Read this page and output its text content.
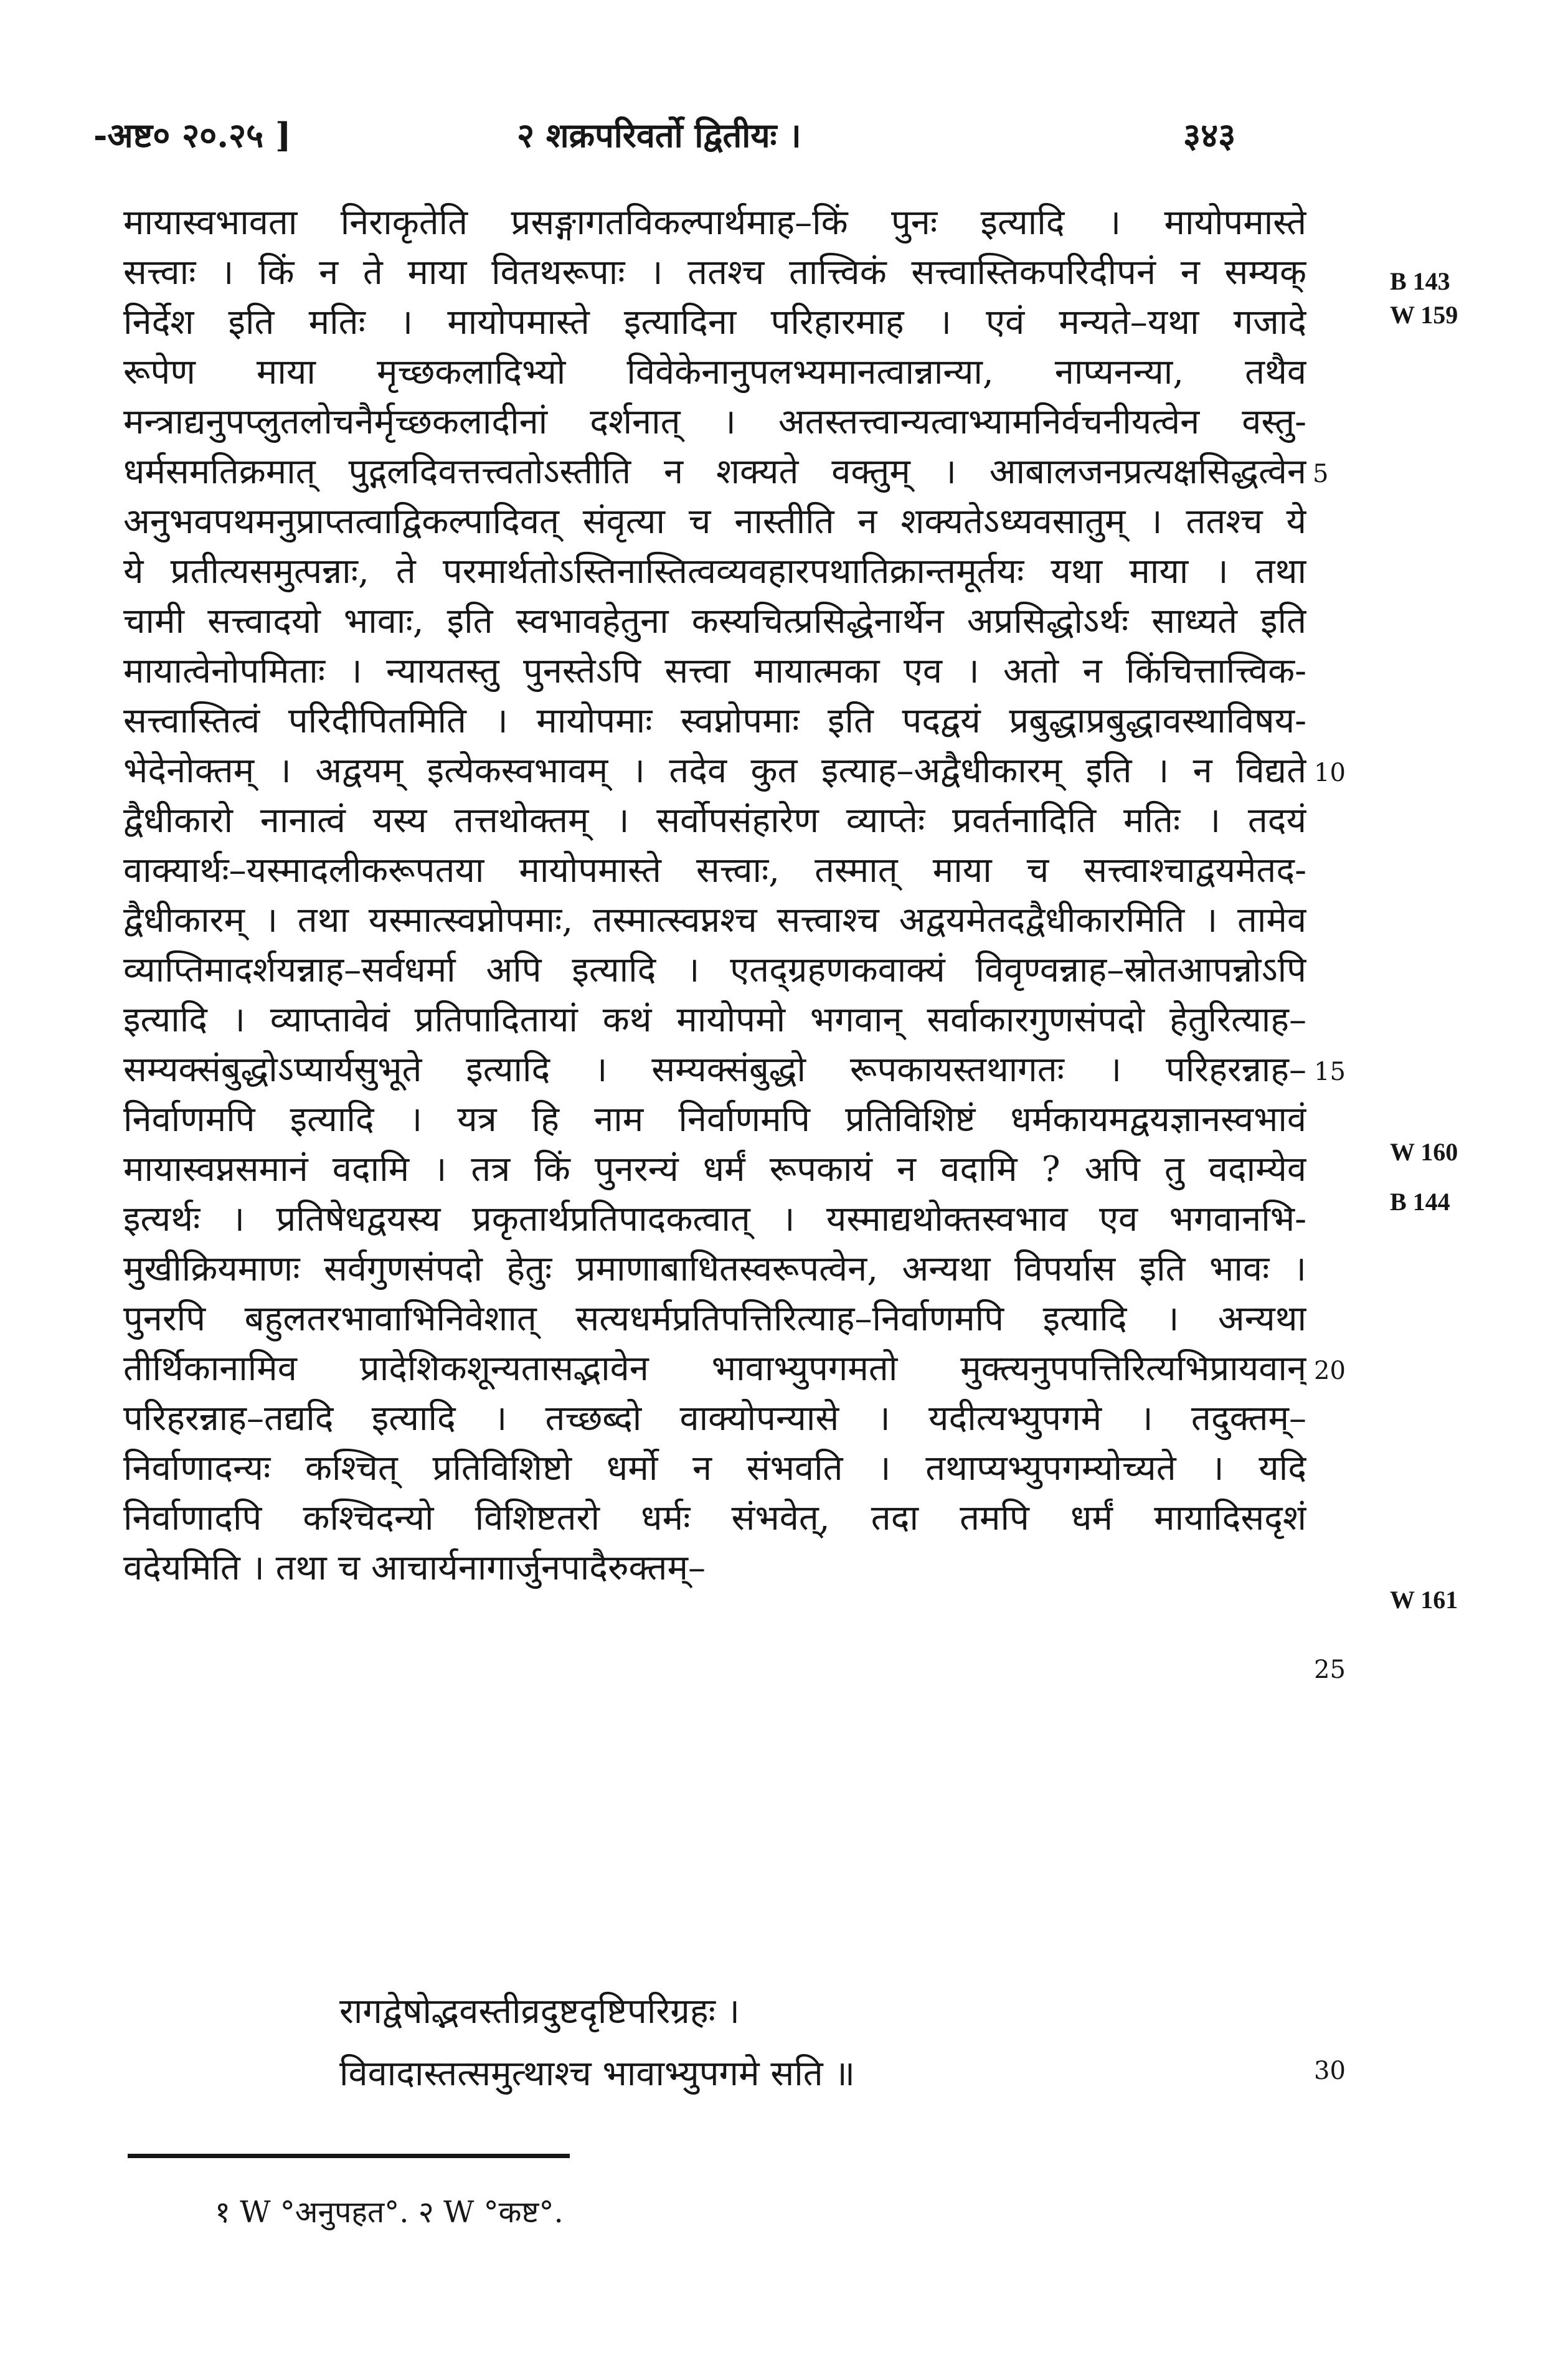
-अष्ट० २०.२५ ]	२ शक्रपरिवर्तो द्वितीयः ।	३४३
मायास्वभावता निराकृतेति प्रसङ्गागतविकल्पार्थमाह–किं पुनः इत्यादि । मायोपमास्ते
सत्त्वाः । किं न ते माया वितथरूपाः । ततश्च तात्त्विकं सत्त्वास्तिकपरिदीपनं न सम्यक्
निर्देश इति मतिः । मायोपमास्ते इत्यादिना परिहारमाह । एवं मन्यते–यथा गजादे
रूपेण माया मृच्छकलादिभ्यो विवेकेनानुपलभ्यमानत्वान्नान्या, नाप्यनन्या, तथैव
मन्त्राद्यनुपप्लुतलोचनैर्मृच्छकलादीनां दर्शनात् । अतस्तत्त्वान्यत्वाभ्यामनिर्वचनीयत्वेन वस्तु-
धर्मसमतिक्रमात् पुद्गलदिवत्तत्त्वतोऽस्तीति न शक्यते वक्तुम् । आबालजनप्रत्यक्षसिद्धत्वेन
अनुभवपथमनुप्राप्तत्वाद्विकल्पादिवत् संवृत्या च नास्तीति न शक्यतेऽध्यवसातुम् । ततश्च ये
ये प्रतीत्यसमुत्पन्नाः, ते परमार्थतोऽस्तिनास्तित्वव्यवहारपथातिक्रान्तमूर्तयः यथा माया । तथा
चामी सत्त्वादयो भावाः, इति स्वभावहेतुना कस्यचित्प्रसिद्धेनार्थेन अप्रसिद्धोऽर्थः साध्यते इति
मायात्वेनोपमिताः । न्यायतस्तु पुनस्तेऽपि सत्त्वा मायात्मका एव । अतो न किंचित्तात्त्विक-
सत्त्वास्तित्वं परिदीपितमिति । मायोपमाः स्वप्नोपमाः इति पदद्वयं प्रबुद्धाप्रबुद्धावस्थाविषय-
भेदेनोक्तम् । अद्वयम् इत्येकस्वभावम् । तदेव कुत इत्याह–अद्वैधीकारम् इति । न विद्यते
द्वैधीकारो नानात्वं यस्य तत्तथोक्तम् । सर्वोपसंहारेण व्याप्तेः प्रवर्तनादिति मतिः । तदयं
वाक्यार्थः–यस्मादलीकरूपतया मायोपमास्ते सत्त्वाः, तस्मात् माया च सत्त्वाश्चाद्वयमेतद-
द्वैधीकारम् । तथा यस्मात्स्वप्नोपमाः, तस्मात्स्वप्नश्च सत्त्वाश्च अद्वयमेतदद्वैधीकारमिति । तामेव
व्याप्तिमादर्शयन्नाह–सर्वधर्मा अपि इत्यादि । एतद्ग्रहणकवाक्यं विवृण्वन्नाह–स्रोतआपन्नोऽपि
इत्यादि । व्याप्तावेवं प्रतिपादितायां कथं मायोपमो भगवान् सर्वाकारगुणसंपदो हेतुरित्याह–
सम्यक्संबुद्धोऽप्यार्यसुभूते इत्यादि । सम्यक्संबुद्धो रूपकायस्तथागतः । परिहरन्नाह–
निर्वाणमपि इत्यादि । यत्र हि नाम निर्वाणमपि प्रतिविशिष्टं धर्मकायमद्वयज्ञानस्वभावं
मायास्वप्नसमानं वदामि । तत्र किं पुनरन्यं धर्मं रूपकायं न वदामि ? अपि तु वदाम्येव
इत्यर्थः । प्रतिषेधद्वयस्य प्रकृतार्थप्रतिपादकत्वात् । यस्माद्यथोक्तस्वभाव एव भगवानभि-
मुखीक्रियमाणः सर्वगुणसंपदो हेतुः प्रमाणाबाधितस्वरूपत्वेन, अन्यथा विपर्यास इति भावः ।
पुनरपि बहुलतरभावाभिनिवेशात् सत्यधर्मप्रतिपत्तिरित्याह–निर्वाणमपि इत्यादि । अन्यथा
तीर्थिकानामिव प्रादेशिकशून्यतासद्भावेन भावाभ्युपगमतो मुक्त्यनुपपत्तिरित्यभिप्रायवान्
परिहरन्नाह–तद्यदि इत्यादि । तच्छब्दो वाक्योपन्यासे । यदीत्यभ्युपगमे । तदुक्तम्–
निर्वाणादन्यः कश्चित् प्रतिविशिष्टो धर्मो न संभवति । तथाप्यभ्युपगम्योच्यते । यदि
निर्वाणादपि कश्चिदन्यो विशिष्टतरो धर्मः संभवेत्, तदा तमपि धर्मं मायादिसदृशं
वदेयमिति । तथा च आचार्यनागार्जुनपादैरुक्तम्–
रागद्वेषोद्भवस्तीव्रदुष्टदृष्टिपरिग्रहः ।
विवादास्तत्समुत्थाश्च भावाभ्युपगमे सति ॥
5
10
15
20
25
30
B 143
W 159
W 160
B 144
W 161
१ W °अनुपहत°. २ W °कष्ट°.
